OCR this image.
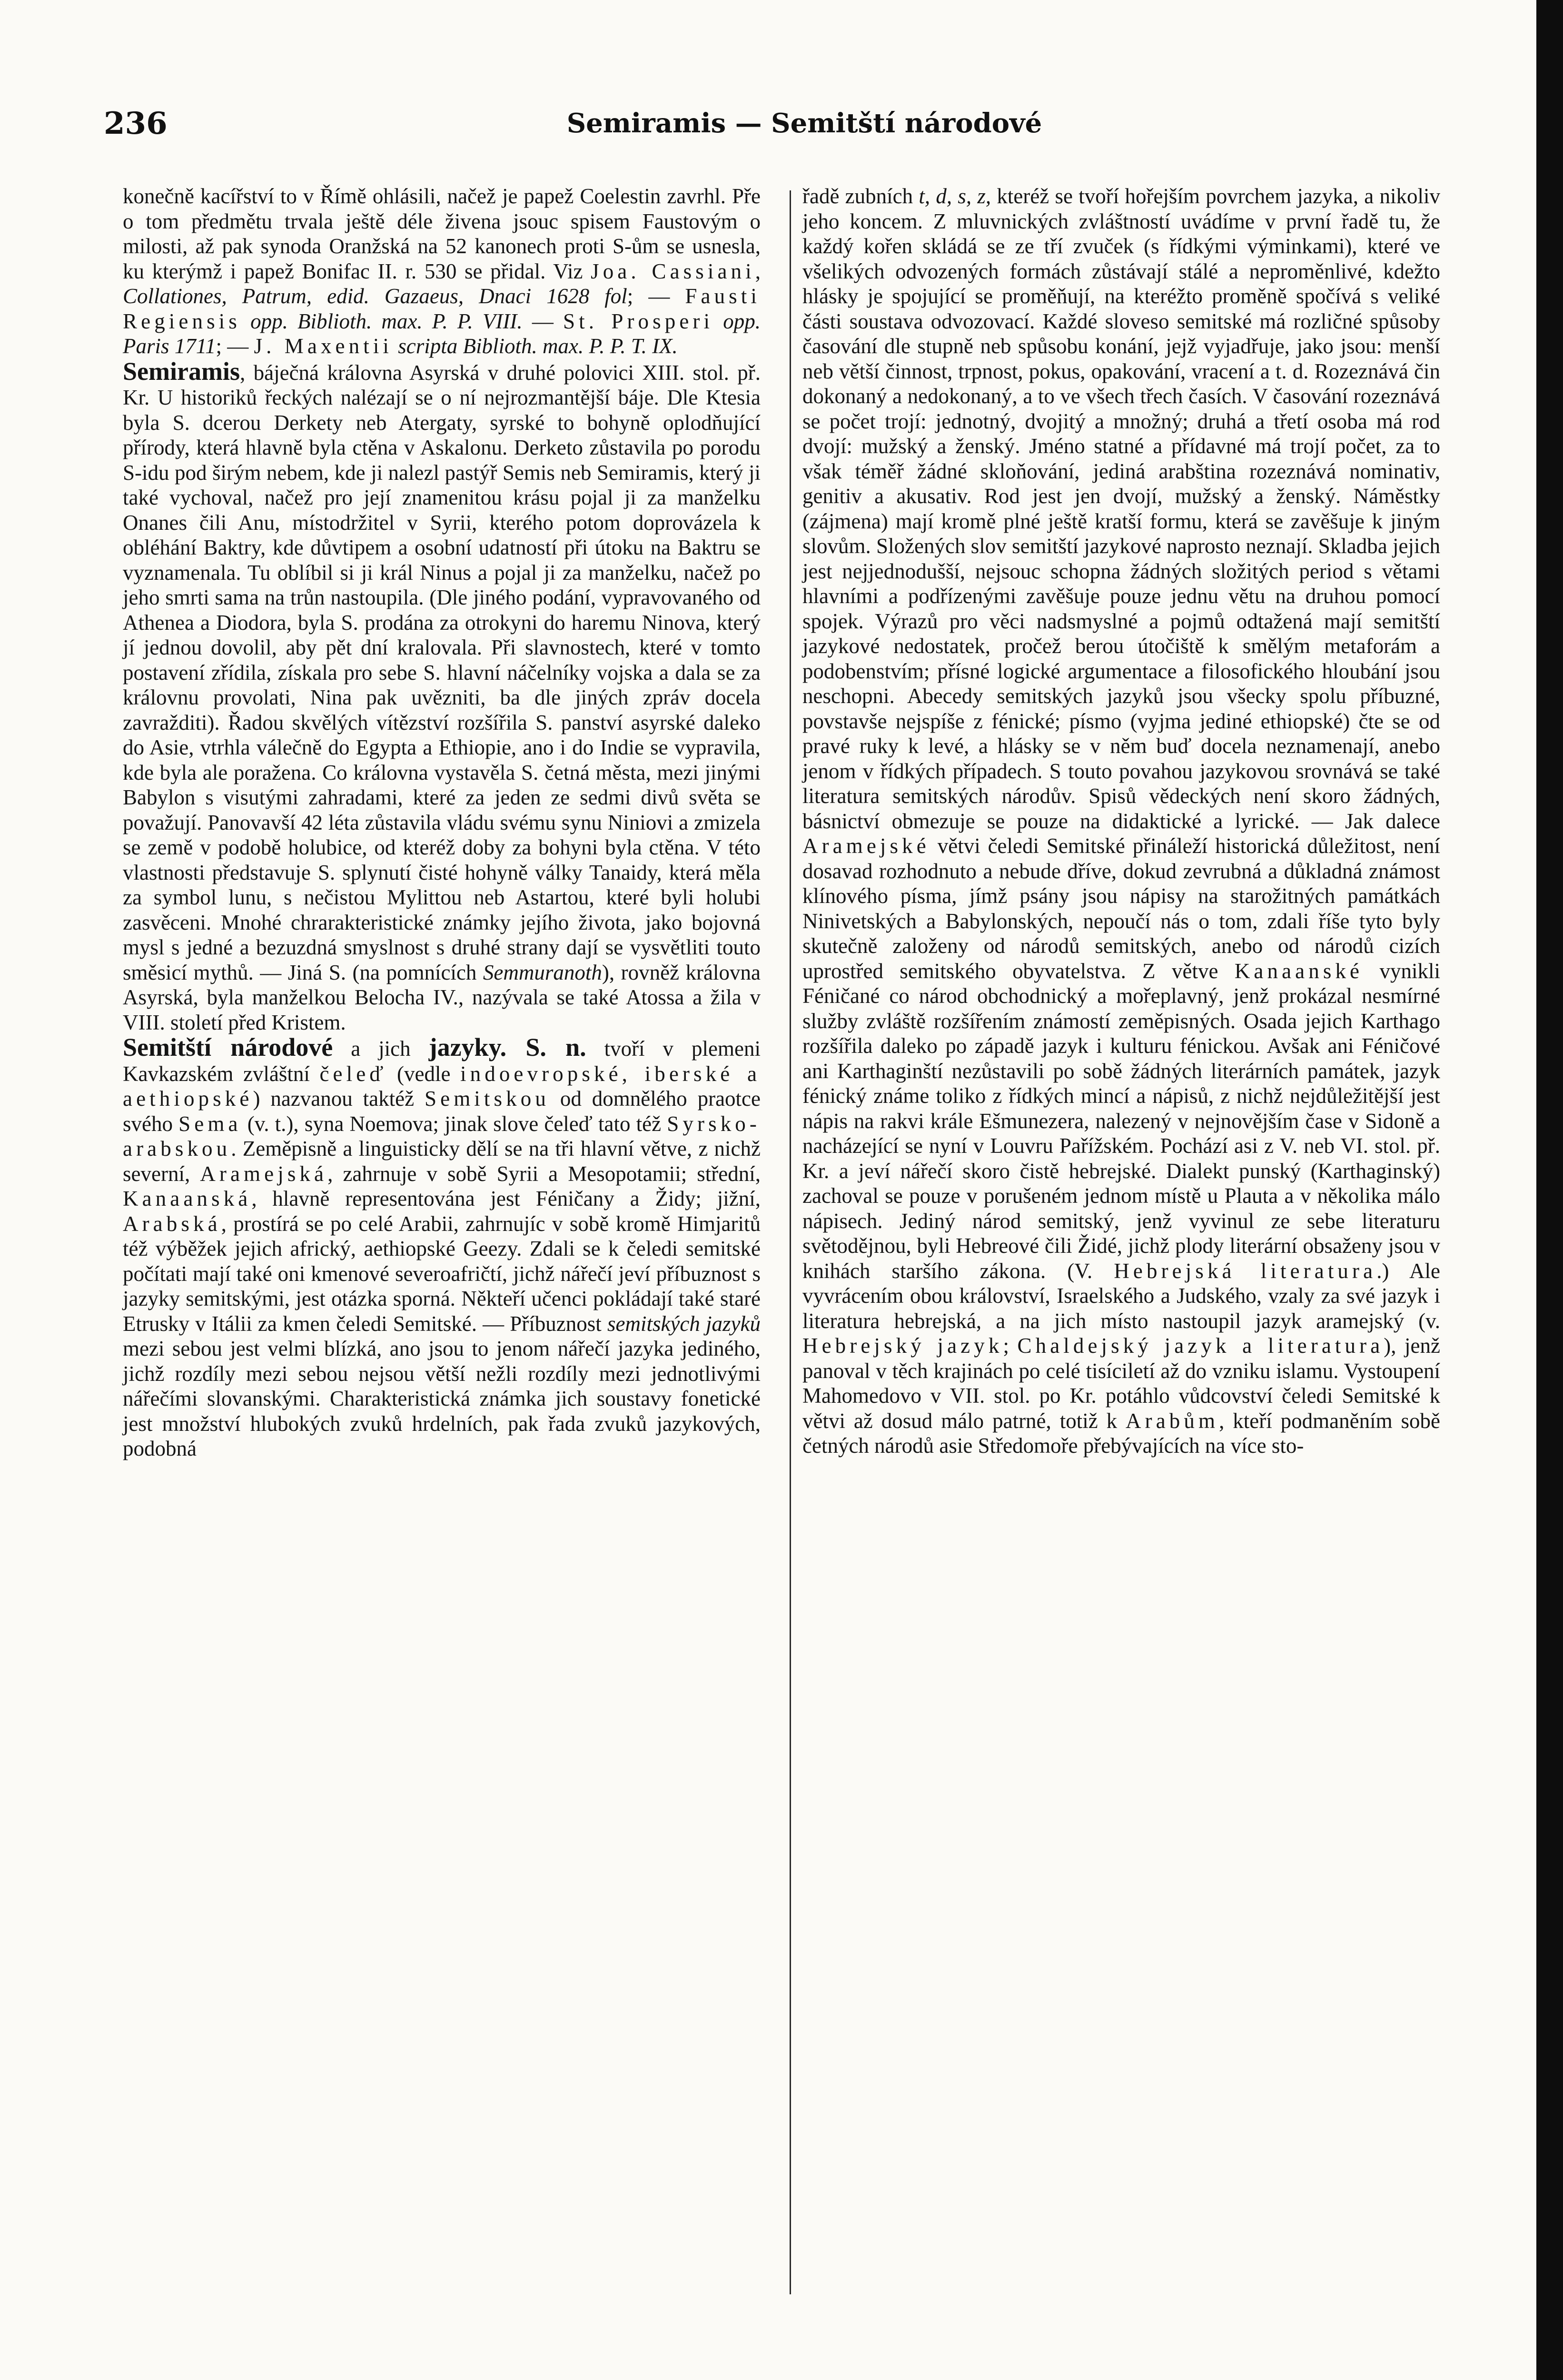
236	Semiramis — Semitští národové

konečně kacířství to v Římě ohlásili, načež je papež Coelestin zavrhl. Pře o tom předmětu trvala ještě déle živena jsouc spisem Faustovým o milosti, až pak synoda Oranžská na 52 kanonech proti S-ům se usnesla, ku kterýmž i papež Bonifac II. r. 530 se přidal. Viz Joa. Cassiani, Collationes, Patrum, edid. Gazaeus, Dnaci 1628 fol; — Fausti Regiensis opp. Biblioth. max. P. P. VIII. — St. Prosperi opp. Paris 1711; — J. Maxentii scripta Biblioth. max. P. P. T. IX.

Semiramis, báječná královna Asyrská v druhé polovici XIII. stol. př. Kr. U historiků řeckých nalézají se o ní nejrozmantější báje. Dle Ktesia byla S. dcerou Derkety neb Atergaty, syrské to bohyně oplodňující přírody, která hlavně byla ctěna v Askalonu. Derketo zůstavila po porodu S-idu pod širým nebem, kde ji nalezl pastýř Semis neb Semiramis, který ji také vychoval, načež pro její znamenitou krásu pojal ji za manželku Onanes čili Anu, místodržitel v Syrii, kterého potom doprovázela k obléhání Baktry, kde důvtipem a osobní udatností při útoku na Baktru se vyznamenala. Tu oblíbil si ji král Ninus a pojal ji za manželku, načež po jeho smrti sama na trůn nastoupila. (Dle jiného podání, vypravovaného od Athenea a Diodora, byla S. prodána za otrokyni do haremu Ninova, který jí jednou dovolil, aby pět dní kralovala. Při slavnostech, které v tomto postavení zřídila, získala pro sebe S. hlavní náčelníky vojska a dala se za královnu provolati, Nina pak uvězniti, ba dle jiných zpráv docela zavražditi). Řadou skvělých vítězství rozšířila S. panství asyrské daleko do Asie, vtrhla válečně do Egypta a Ethiopie, ano i do Indie se vypravila, kde byla ale poražena. Co královna vystavěla S. četná města, mezi jinými Babylon s visutými zahradami, které za jeden ze sedmi divů světa se považují. Panovavší 42 léta zůstavila vládu svému synu Niniovi a zmizela se země v podobě holubice, od kteréž doby za bohyni byla ctěna. V této vlastnosti představuje S. splynutí čisté hohyně války Tanaidy, která měla za symbol lunu, s nečistou Mylittou neb Astartou, které byli holubi zasvěceni. Mnohé chrarakteristické známky jejího života, jako bojovná mysl s jedné a bezuzdná smyslnost s druhé strany dají se vysvětliti touto směsicí mythů. — Jiná S. (na pomnících Semmuranoth), rovněž královna Asyrská, byla manželkou Belocha IV., nazývala se také Atossa a žila v VIII. století před Kristem.

Semitští národové a jich jazyky. S. n. tvoří v plemeni Kavkazském zvláštní čeleď (vedle indoevropské, iberské a aethiopské) nazvanou taktéž Semitskou od domnělého praotce svého Sema (v. t.), syna Noemova; jinak slove čeleď tato též Syrsko-arabskou. Zeměpisně a linguisticky dělí se na tři hlavní větve, z nichž severní, Aramejská, zahrnuje v sobě Syrii a Mesopotamii; střední, Kanaanská, hlavně representována jest Féničany a Židy; jižní, Arabská, prostírá se po celé Arabii, zahrnujíc v sobě kromě Himjaritů též výběžek jejich africký, aethiopské Geezy. Zdali se k čeledi semitské počítati mají také oni kmenové severoafričtí, jichž nářečí jeví příbuznost s jazyky semitskými, jest otázka sporná. Někteří učenci pokládají také staré Etrusky v Itálii za kmen čeledi Semitské. — Příbuznost semitských jazyků mezi sebou jest velmi blízká, ano jsou to jenom nářečí jazyka jediného, jichž rozdíly mezi sebou nejsou větší nežli rozdíly mezi jednotlivými nářečími slovanskými. Charakteristická známka jich soustavy fonetické jest množství hlubokých zvuků hrdelních, pak řada zvuků jazykových, podobná

řadě zubních t, d, s, z, kteréž se tvoří hořejším povrchem jazyka, a nikoliv jeho koncem. Z mluvnických zvláštností uvádíme v první řadě tu, že každý kořen skládá se ze tří zvuček (s řídkými výminkami), které ve všelikých odvozených formách zůstávají stálé a neproměnlivé, kdežto hlásky je spojující se proměňují, na kteréžto proměně spočívá s veliké části soustava odvozovací. Každé sloveso semitské má rozličné spůsoby časování dle stupně neb spůsobu konání, jejž vyjadřuje, jako jsou: menší neb větší činnost, trpnost, pokus, opakování, vracení a t. d. Rozeznává čin dokonaný a nedokonaný, a to ve všech třech časích. V časování rozeznává se počet trojí: jednotný, dvojitý a množný; druhá a třetí osoba má rod dvojí: mužský a ženský. Jméno statné a přídavné má trojí počet, za to však téměř žádné skloňování, jediná arabština rozeznává nominativ, genitiv a akusativ. Rod jest jen dvojí, mužský a ženský. Náměstky (zájmena) mají kromě plné ještě kratší formu, která se zavěšuje k jiným slovům. Složených slov semitští jazykové naprosto neznají. Skladba jejich jest nejjednodušší, nejsouc schopna žádných složitých period s větami hlavními a podřízenými zavěšuje pouze jednu větu na druhou pomocí spojek. Výrazů pro věci nadsmyslné a pojmů odtažená mají semitští jazykové nedostatek, pročež berou útočiště k smělým metaforám a podobenstvím; přísné logické argumentace a filosofického hloubání jsou neschopni. Abecedy semitských jazyků jsou všecky spolu příbuzné, povstavše nejspíše z fénické; písmo (vyjma jediné ethiopské) čte se od pravé ruky k levé, a hlásky se v něm buď docela neznamenají, anebo jenom v řídkých případech. S touto povahou jazykovou srovnává se také literatura semitských národův. Spisů vědeckých není skoro žádných, básnictví obmezuje se pouze na didaktické a lyrické. — Jak dalece Aramejské větvi čeledi Semitské přináleží historická důležitost, není dosavad rozhodnuto a nebude dříve, dokud zevrubná a důkladná známost klínového písma, jímž psány jsou nápisy na starožitných památkách Ninivetských a Babylonských, nepoučí nás o tom, zdali říše tyto byly skutečně založeny od národů semitských, anebo od národů cizích uprostřed semitského obyvatelstva. Z větve Kanaanské vynikli Féničané co národ obchodnický a mořeplavný, jenž prokázal nesmírné služby zvláště rozšířením známostí zeměpisných. Osada jejich Karthago rozšířila daleko po západě jazyk i kulturu fénickou. Avšak ani Féničové ani Karthaginští nezůstavili po sobě žádných literárních památek, jazyk fénický známe toliko z řídkých mincí a nápisů, z nichž nejdůležitější jest nápis na rakvi krále Ešmunezera, nalezený v nejnovějším čase v Sidoně a nacházející se nyní v Louvru Pařížském. Pochází asi z V. neb VI. stol. př. Kr. a jeví nářečí skoro čistě hebrejské. Dialekt punský (Karthaginský) zachoval se pouze v porušeném jednom místě u Plauta a v několika málo nápisech. Jediný národ semitský, jenž vyvinul ze sebe literaturu světodějnou, byli Hebreové čili Židé, jichž plody literární obsaženy jsou v knihách staršího zákona. (V. Hebrejská literatura.) Ale vyvrácením obou království, Israelského a Judského, vzaly za své jazyk i literatura hebrejská, a na jich místo nastoupil jazyk aramejský (v. Hebrejský jazyk; Chaldejský jazyk a literatura), jenž panoval v těch krajinách po celé tisíciletí až do vzniku islamu. Vystoupení Mahomedovo v VII. stol. po Kr. potáhlo vůdcovství čeledi Semitské k větvi až dosud málo patrné, totiž k Arabům, kteří podmaněním sobě četných národů asie Středomoře přebývajících na více sto-
